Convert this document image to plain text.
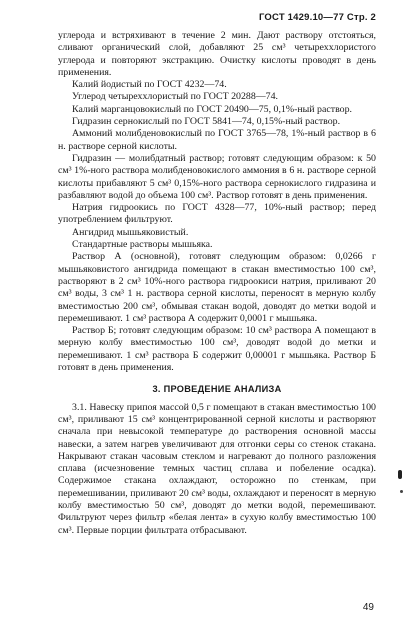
ГОСТ 1429.10—77 Стр. 2

углерода и встряхивают в течение 2 мин. Дают раствору отстояться, сливают органический слой, добавляют 25 см³ четыреххлористого углерода и повторяют экстракцию. Очистку кислоты проводят в день применения.

Калий йодистый по ГОСТ 4232—74.

Углерод четыреххлористый по ГОСТ 20288—74.

Калий марганцовокислый по ГОСТ 20490—75, 0,1%-ный раствор.

Гидразин сернокислый по ГОСТ 5841—74, 0,15%-ный раствор.

Аммоний молибденовокислый по ГОСТ 3765—78, 1%-ный раствор в 6 н. растворе серной кислоты.

Гидразин — молибдатный раствор; готовят следующим образом: к 50 см³ 1%-ного раствора молибденовокислого аммония в 6 н. растворе серной кислоты прибавляют 5 см³ 0,15%-ного раствора сернокислого гидразина и разбавляют водой до объема 100 см³. Раствор готовят в день применения.

Натрия гидроокись по ГОСТ 4328—77, 10%-ный раствор; перед употреблением фильтруют.

Ангидрид мышьяковистый.

Стандартные растворы мышьяка.

Раствор А (основной), готовят следующим образом: 0,0266 г мышьяковистого ангидрида помещают в стакан вместимостью 100 см³, растворяют в 2 см³ 10%-ного раствора гидроокиси натрия, приливают 20 см³ воды, 3 см³ 1 н. раствора серной кислоты, переносят в мерную колбу вместимостью 200 см³, обмывая стакан водой, доводят до метки водой и перемешивают. 1 см³ раствора А содержит 0,0001 г мышьяка.

Раствор Б; готовят следующим образом: 10 см³ раствора А помещают в мерную колбу вместимостью 100 см³, доводят водой до метки и перемешивают. 1 см³ раствора Б содержит 0,00001 г мышьяка. Раствор Б готовят в день применения.

3. ПРОВЕДЕНИЕ АНАЛИЗА

3.1. Навеску припоя массой 0,5 г помещают в стакан вместимостью 100 см³, приливают 15 см³ концентрированной серной кислоты и растворяют сначала при невысокой температуре до растворения основной массы навески, а затем нагрев увеличивают для отгонки серы со стенок стакана. Накрывают стакан часовым стеклом и нагревают до полного разложения сплава (исчезновение темных частиц сплава и побеление осадка). Содержимое стакана охлаждают, осторожно по стенкам, при перемешивании, приливают 20 см³ воды, охлаждают и переносят в мерную колбу вместимостью 50 см³, доводят до метки водой, перемешивают. Фильтруют через фильтр «белая лента» в сухую колбу вместимостью 100 см³. Первые порции фильтрата отбрасывают.

49
